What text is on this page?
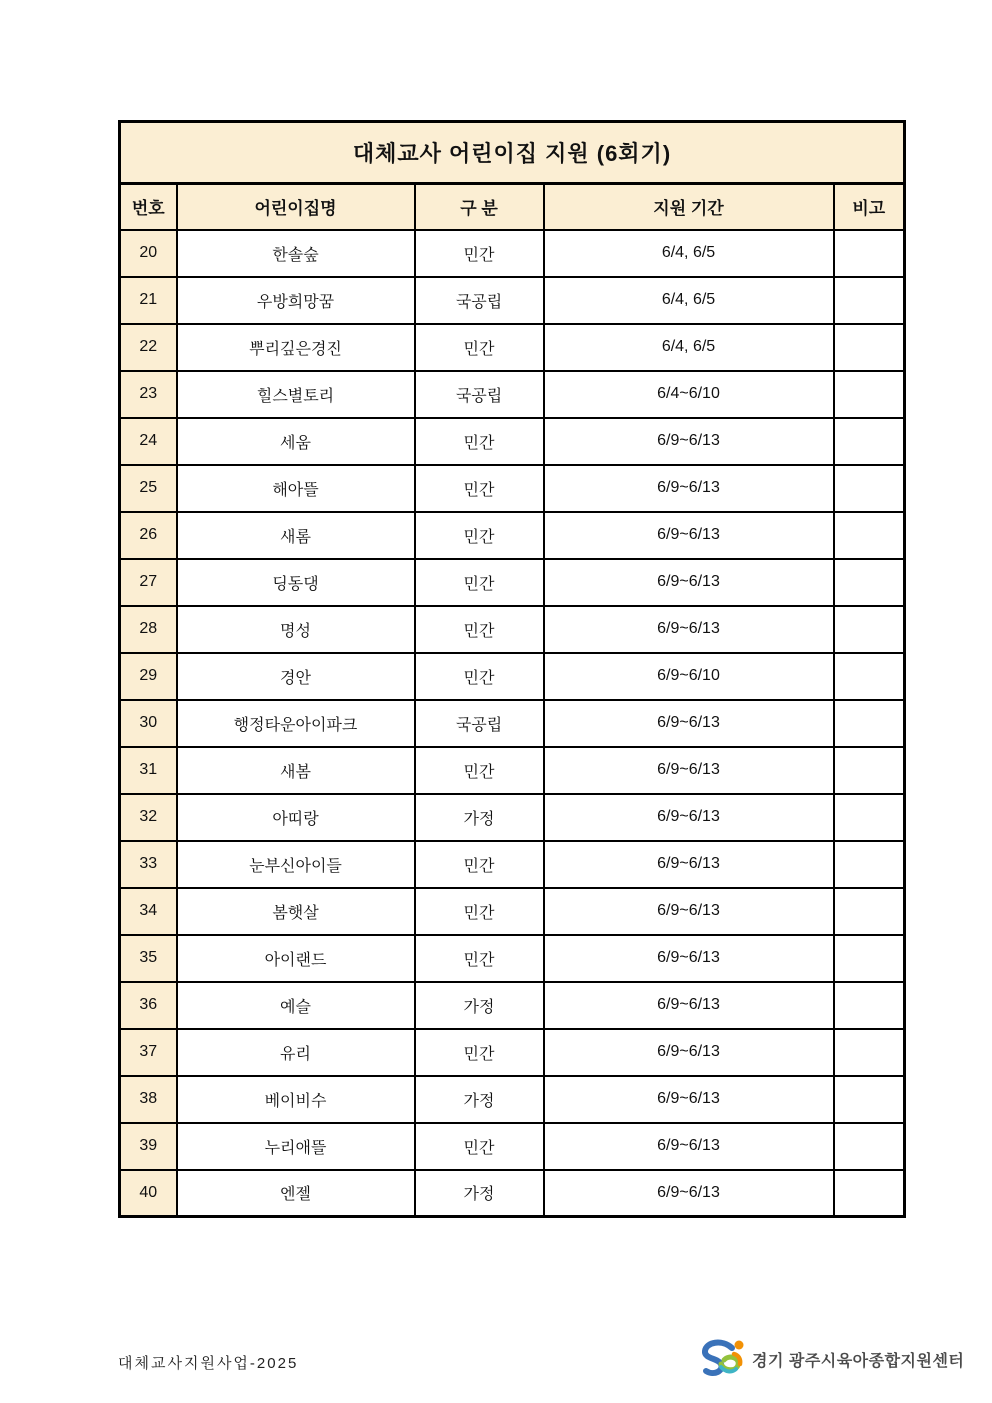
대체교사 어린이집 지원 (6회기)				
번호	어린이집명	구 분	지원 기간	비고
20	한솔숲	민간	6/4, 6/5	
21	우방희망꿈	국공립	6/4, 6/5	
22	뿌리깊은경진	민간	6/4, 6/5	
23	힐스별토리	국공립	6/4~6/10	
24	세움	민간	6/9~6/13	
25	해아뜰	민간	6/9~6/13	
26	새롬	민간	6/9~6/13	
27	딩동댕	민간	6/9~6/13	
28	명성	민간	6/9~6/13	
29	경안	민간	6/9~6/10	
30	행정타운아이파크	국공립	6/9~6/13	
31	새봄	민간	6/9~6/13	
32	아띠랑	가정	6/9~6/13	
33	눈부신아이들	민간	6/9~6/13	
34	봄햇살	민간	6/9~6/13	
35	아이랜드	민간	6/9~6/13	
36	예슬	가정	6/9~6/13	
37	유리	민간	6/9~6/13	
38	베이비수	가정	6/9~6/13	
39	누리애뜰	민간	6/9~6/13	
40	엔젤	가정	6/9~6/13	
대체교사지원사업-2025	경기 광주시육아종합지원센터
